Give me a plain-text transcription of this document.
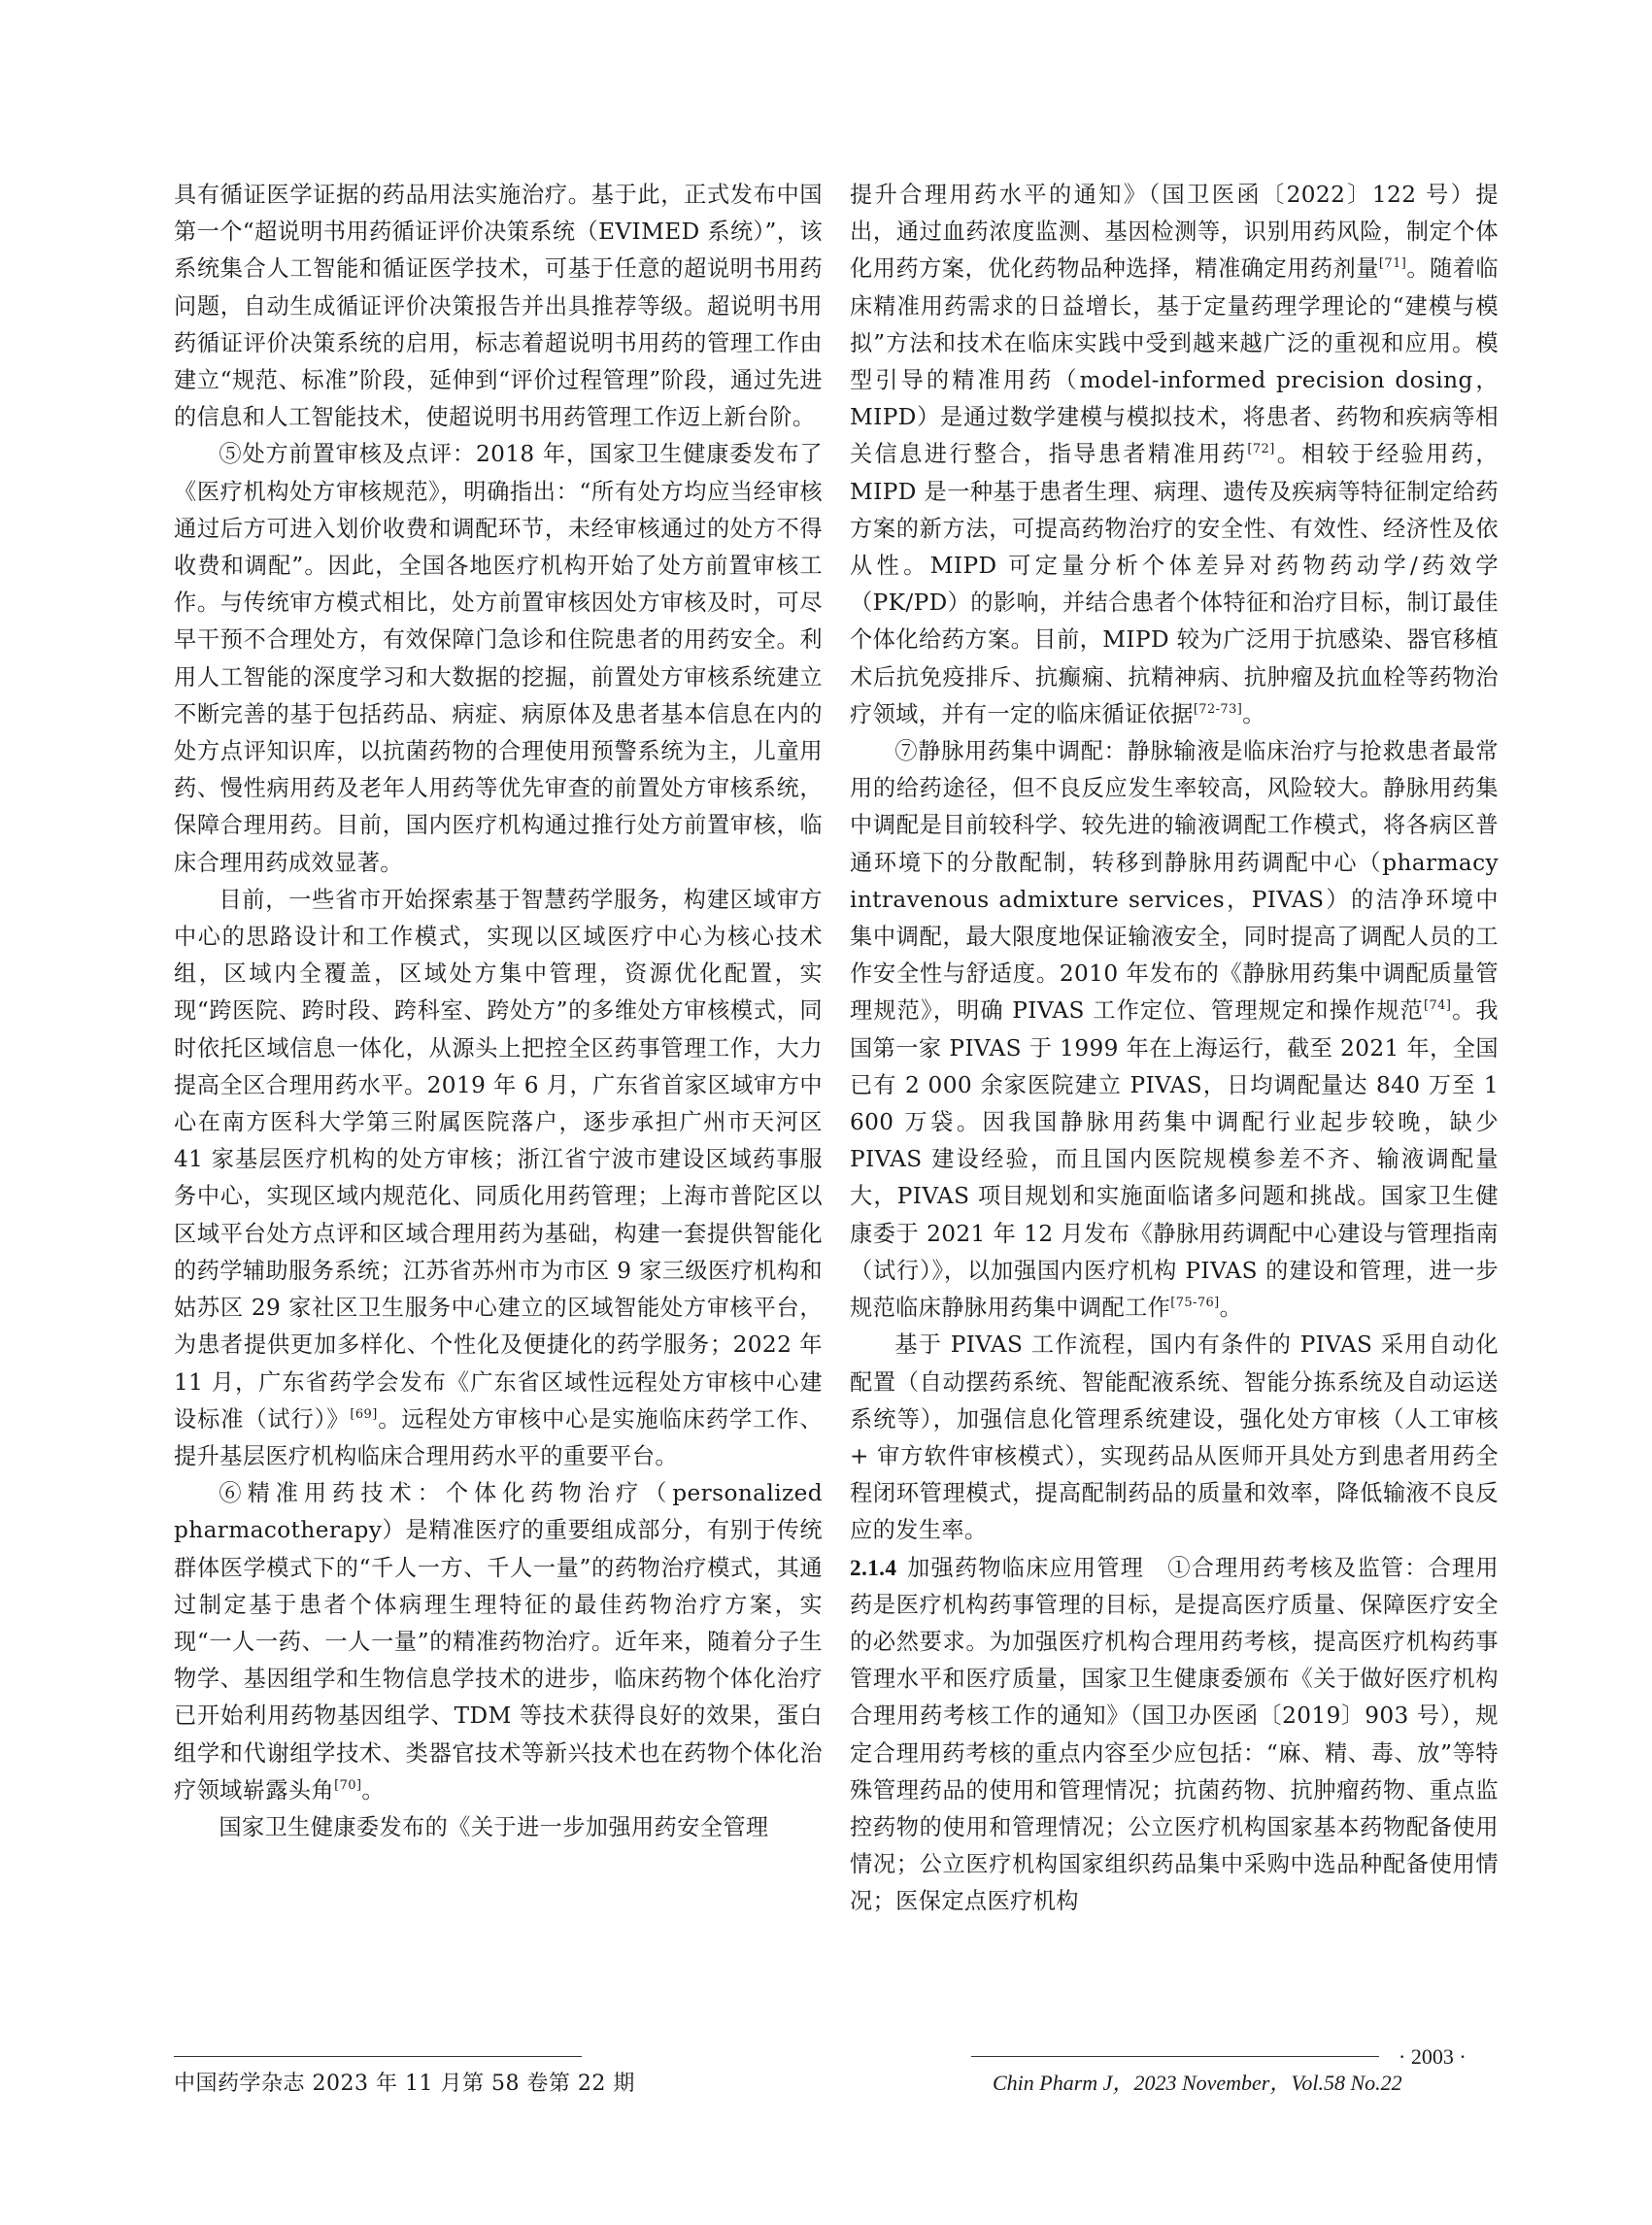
具有循证医学证据的药品用法实施治疗。基于此，正式发布中国第一个“超说明书用药循证评价决策系统（EVIMED 系统）”，该系统集合人工智能和循证医学技术，可基于任意的超说明书用药问题，自动生成循证评价决策报告并出具推荐等级。超说明书用药循证评价决策系统的启用，标志着超说明书用药的管理工作由建立“规范、标准”阶段，延伸到“评价过程管理”阶段，通过先进的信息和人工智能技术，使超说明书用药管理工作迈上新台阶。

⑤处方前置审核及点评：2018 年，国家卫生健康委发布了《医疗机构处方审核规范》，明确指出：“所有处方均应当经审核通过后方可进入划价收费和调配环节，未经审核通过的处方不得收费和调配”。因此，全国各地医疗机构开始了处方前置审核工作。与传统审方模式相比，处方前置审核因处方审核及时，可尽早干预不合理处方，有效保障门急诊和住院患者的用药安全。利用人工智能的深度学习和大数据的挖掘，前置处方审核系统建立不断完善的基于包括药品、病症、病原体及患者基本信息在内的处方点评知识库，以抗菌药物的合理使用预警系统为主，儿童用药、慢性病用药及老年人用药等优先审查的前置处方审核系统，保障合理用药。目前，国内医疗机构通过推行处方前置审核，临床合理用药成效显著。

目前，一些省市开始探索基于智慧药学服务，构建区域审方中心的思路设计和工作模式，实现以区域医疗中心为核心技术组，区域内全覆盖，区域处方集中管理，资源优化配置，实现“跨医院、跨时段、跨科室、跨处方”的多维处方审核模式，同时依托区域信息一体化，从源头上把控全区药事管理工作，大力提高全区合理用药水平。2019 年 6 月，广东省首家区域审方中心在南方医科大学第三附属医院落户，逐步承担广州市天河区 41 家基层医疗机构的处方审核；浙江省宁波市建设区域药事服务中心，实现区域内规范化、同质化用药管理；上海市普陀区以区域平台处方点评和区域合理用药为基础，构建一套提供智能化的药学辅助服务系统；江苏省苏州市为市区 9 家三级医疗机构和姑苏区 29 家社区卫生服务中心建立的区域智能处方审核平台，为患者提供更加多样化、个性化及便捷化的药学服务；2022 年 11 月，广东省药学会发布《广东省区域性远程处方审核中心建设标准（试行）》[69]。远程处方审核中心是实施临床药学工作、提升基层医疗机构临床合理用药水平的重要平台。

⑥精准用药技术：个体化药物治疗（personalized pharmacotherapy）是精准医疗的重要组成部分，有别于传统群体医学模式下的“千人一方、千人一量”的药物治疗模式，其通过制定基于患者个体病理生理特征的最佳药物治疗方案，实现“一人一药、一人一量”的精准药物治疗。近年来，随着分子生物学、基因组学和生物信息学技术的进步，临床药物个体化治疗已开始利用药物基因组学、TDM 等技术获得良好的效果，蛋白组学和代谢组学技术、类器官技术等新兴技术也在药物个体化治疗领域崭露头角[70]。

国家卫生健康委发布的《关于进一步加强用药安全管理

提升合理用药水平的通知》（国卫医函〔2022〕122 号）提出，通过血药浓度监测、基因检测等，识别用药风险，制定个体化用药方案，优化药物品种选择，精准确定用药剂量[71]。随着临床精准用药需求的日益增长，基于定量药理学理论的“建模与模拟”方法和技术在临床实践中受到越来越广泛的重视和应用。模型引导的精准用药（model-informed precision dosing，MIPD）是通过数学建模与模拟技术，将患者、药物和疾病等相关信息进行整合，指导患者精准用药[72]。相较于经验用药，MIPD 是一种基于患者生理、病理、遗传及疾病等特征制定给药方案的新方法，可提高药物治疗的安全性、有效性、经济性及依从性。MIPD 可定量分析个体差异对药物药动学/药效学（PK/PD）的影响，并结合患者个体特征和治疗目标，制订最佳个体化给药方案。目前，MIPD 较为广泛用于抗感染、器官移植术后抗免疫排斥、抗癫痫、抗精神病、抗肿瘤及抗血栓等药物治疗领域，并有一定的临床循证依据[72-73]。

⑦静脉用药集中调配：静脉输液是临床治疗与抢救患者最常用的给药途径，但不良反应发生率较高，风险较大。静脉用药集中调配是目前较科学、较先进的输液调配工作模式，将各病区普通环境下的分散配制，转移到静脉用药调配中心（pharmacy intravenous admixture services，PIVAS）的洁净环境中集中调配，最大限度地保证输液安全，同时提高了调配人员的工作安全性与舒适度。2010 年发布的《静脉用药集中调配质量管理规范》，明确 PIVAS 工作定位、管理规定和操作规范[74]。我国第一家 PIVAS 于 1999 年在上海运行，截至 2021 年，全国已有 2 000 余家医院建立 PIVAS，日均调配量达 840 万至 1 600 万袋。因我国静脉用药集中调配行业起步较晚，缺少 PIVAS 建设经验，而且国内医院规模参差不齐、输液调配量大，PIVAS 项目规划和实施面临诸多问题和挑战。国家卫生健康委于 2021 年 12 月发布《静脉用药调配中心建设与管理指南（试行）》，以加强国内医疗机构 PIVAS 的建设和管理，进一步规范临床静脉用药集中调配工作[75-76]。

基于 PIVAS 工作流程，国内有条件的 PIVAS 采用自动化配置（自动摆药系统、智能配液系统、智能分拣系统及自动运送系统等），加强信息化管理系统建设，强化处方审核（人工审核 + 审方软件审核模式），实现药品从医师开具处方到患者用药全程闭环管理模式，提高配制药品的质量和效率，降低输液不良反应的发生率。

2.1.4 加强药物临床应用管理　①合理用药考核及监管：合理用药是医疗机构药事管理的目标，是提高医疗质量、保障医疗安全的必然要求。为加强医疗机构合理用药考核，提高医疗机构药事管理水平和医疗质量，国家卫生健康委颁布《关于做好医疗机构合理用药考核工作的通知》（国卫办医函〔2019〕903 号），规定合理用药考核的重点内容至少应包括：“麻、精、毒、放”等特殊管理药品的使用和管理情况；抗菌药物、抗肿瘤药物、重点监控药物的使用和管理情况；公立医疗机构国家基本药物配备使用情况；公立医疗机构国家组织药品集中采购中选品种配备使用情况；医保定点医疗机构

中国药学杂志 2023 年 11 月第 58 卷第 22 期	Chin Pharm J，2023 November，Vol.58 No.22
· 2003 ·
